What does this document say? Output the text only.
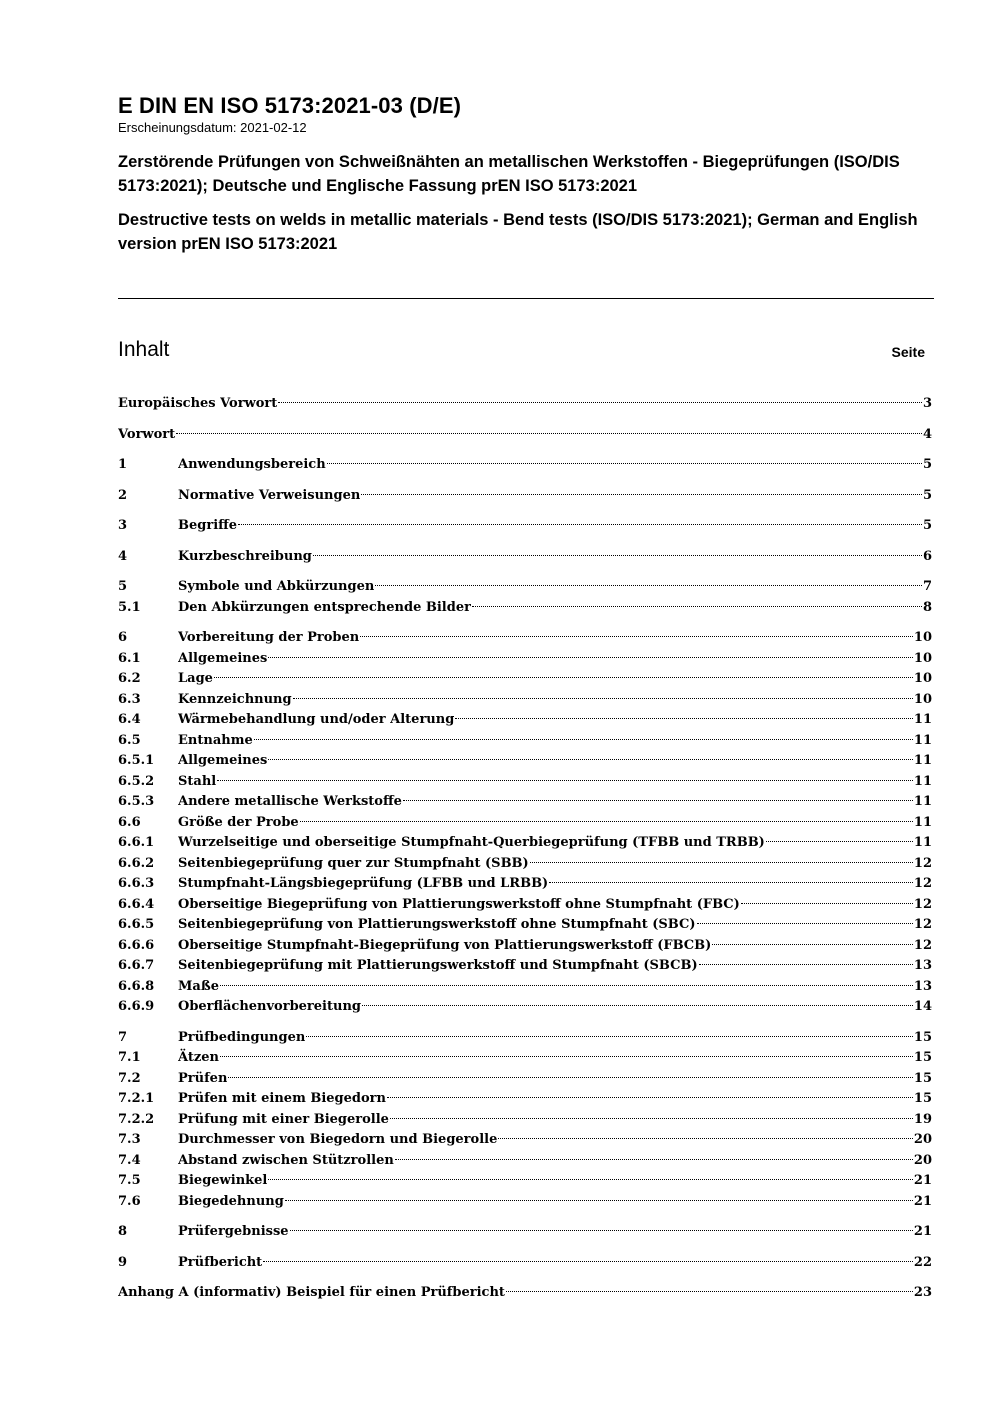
E DIN EN ISO 5173:2021-03 (D/E)

Erscheinungsdatum: 2021-02-12

Zerstörende Prüfungen von Schweißnähten an metallischen Werkstoffen - Biegeprüfungen (ISO/DIS 5173:2021); Deutsche und Englische Fassung prEN ISO 5173:2021

Destructive tests on welds in metallic materials - Bend tests (ISO/DIS 5173:2021); German and English version prEN ISO 5173:2021

Inhalt	Seite
Europäisches Vorwort	3
Vorwort	4
1	Anwendungsbereich	5
2	Normative Verweisungen	5
3	Begriffe	5
4	Kurzbeschreibung	6
5	Symbole und Abkürzungen	7
5.1	Den Abkürzungen entsprechende Bilder	8
6	Vorbereitung der Proben	10
6.1	Allgemeines	10
6.2	Lage	10
6.3	Kennzeichnung	10
6.4	Wärmebehandlung und/oder Alterung	11
6.5	Entnahme	11
6.5.1	Allgemeines	11
6.5.2	Stahl	11
6.5.3	Andere metallische Werkstoffe	11
6.6	Größe der Probe	11
6.6.1	Wurzelseitige und oberseitige Stumpfnaht-Querbiegeprüfung (TFBB und TRBB)	11
6.6.2	Seitenbiegeprüfung quer zur Stumpfnaht (SBB)	12
6.6.3	Stumpfnaht-Längsbiegeprüfung (LFBB und LRBB)	12
6.6.4	Oberseitige Biegeprüfung von Plattierungswerkstoff ohne Stumpfnaht (FBC)	12
6.6.5	Seitenbiegeprüfung von Plattierungswerkstoff ohne Stumpfnaht (SBC)	12
6.6.6	Oberseitige Stumpfnaht-Biegeprüfung von Plattierungswerkstoff (FBCB)	12
6.6.7	Seitenbiegeprüfung mit Plattierungswerkstoff und Stumpfnaht (SBCB)	13
6.6.8	Maße	13
6.6.9	Oberflächenvorbereitung	14
7	Prüfbedingungen	15
7.1	Ätzen	15
7.2	Prüfen	15
7.2.1	Prüfen mit einem Biegedorn	15
7.2.2	Prüfung mit einer Biegerolle	19
7.3	Durchmesser von Biegedorn und Biegerolle	20
7.4	Abstand zwischen Stützrollen	20
7.5	Biegewinkel	21
7.6	Biegedehnung	21
8	Prüfergebnisse	21
9	Prüfbericht	22
Anhang A (informativ) Beispiel für einen Prüfbericht	23
